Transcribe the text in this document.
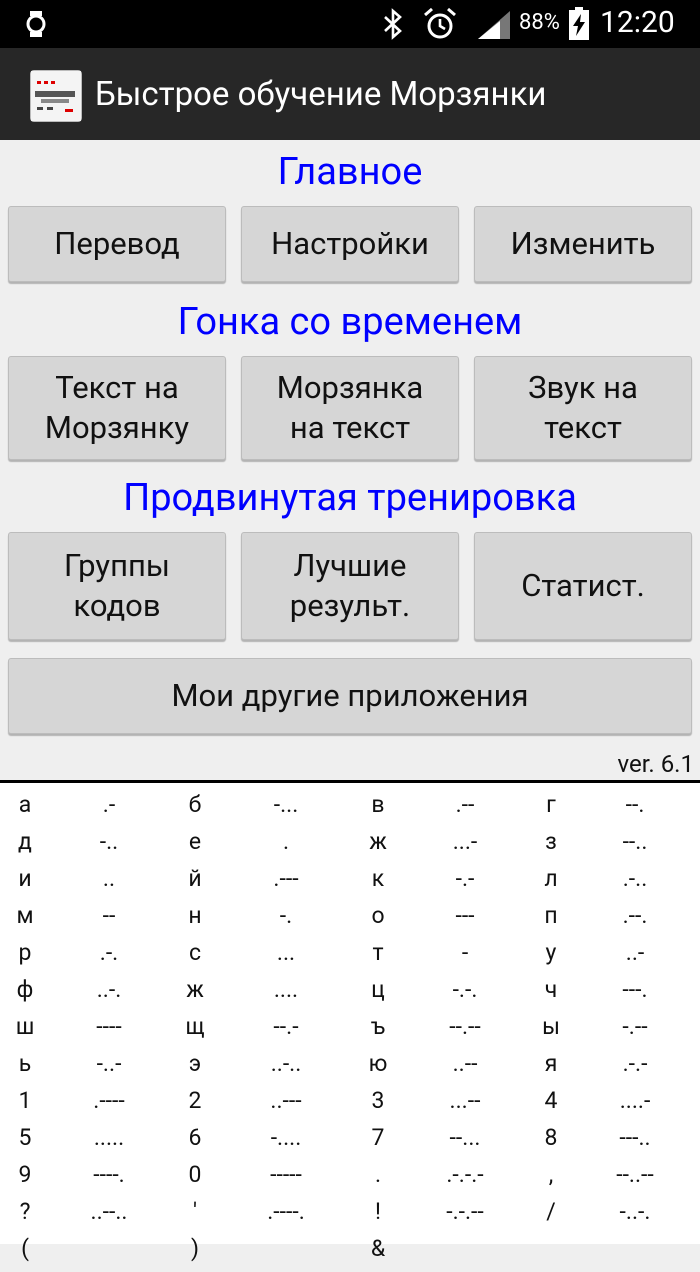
88% 12:20
Быстрое обучение Морзянки
Главное
Перевод	Настройки	Изменить
Гонка со временем
Текст на
Морзянку
Морзянка
на текст
Звук на
текст
Продвинутая тренировка
Группы
кодов
Лучшие
результ.
Статист.
Мои другие приложения
ver. 6.1
а	.-	б	-...	в	.--	г	--.
д	-..	е	.	ж	...-	з	--..
и	..	й	.---	к	-.-	л	.-..
м	--	н	-.	о	---	п	.--.
р	.-.	с	...	т	-	у	..-
ф	..-.	ж	....	ц	-.-.	ч	---.
ш	----	щ	--.-	ъ	--.--	ы	-.--
ь	-..-	э	..-..	ю	..--	я	.-.-
1	.----	2	..---	3	...--	4	....-
5	.....	6	-....	7	--...	8	---..
9	----.	0	-----	.	.-.-.-	,	--..--
?	..--..	'	.----.	!	-.-.--	/	-..-.
(	)	&
